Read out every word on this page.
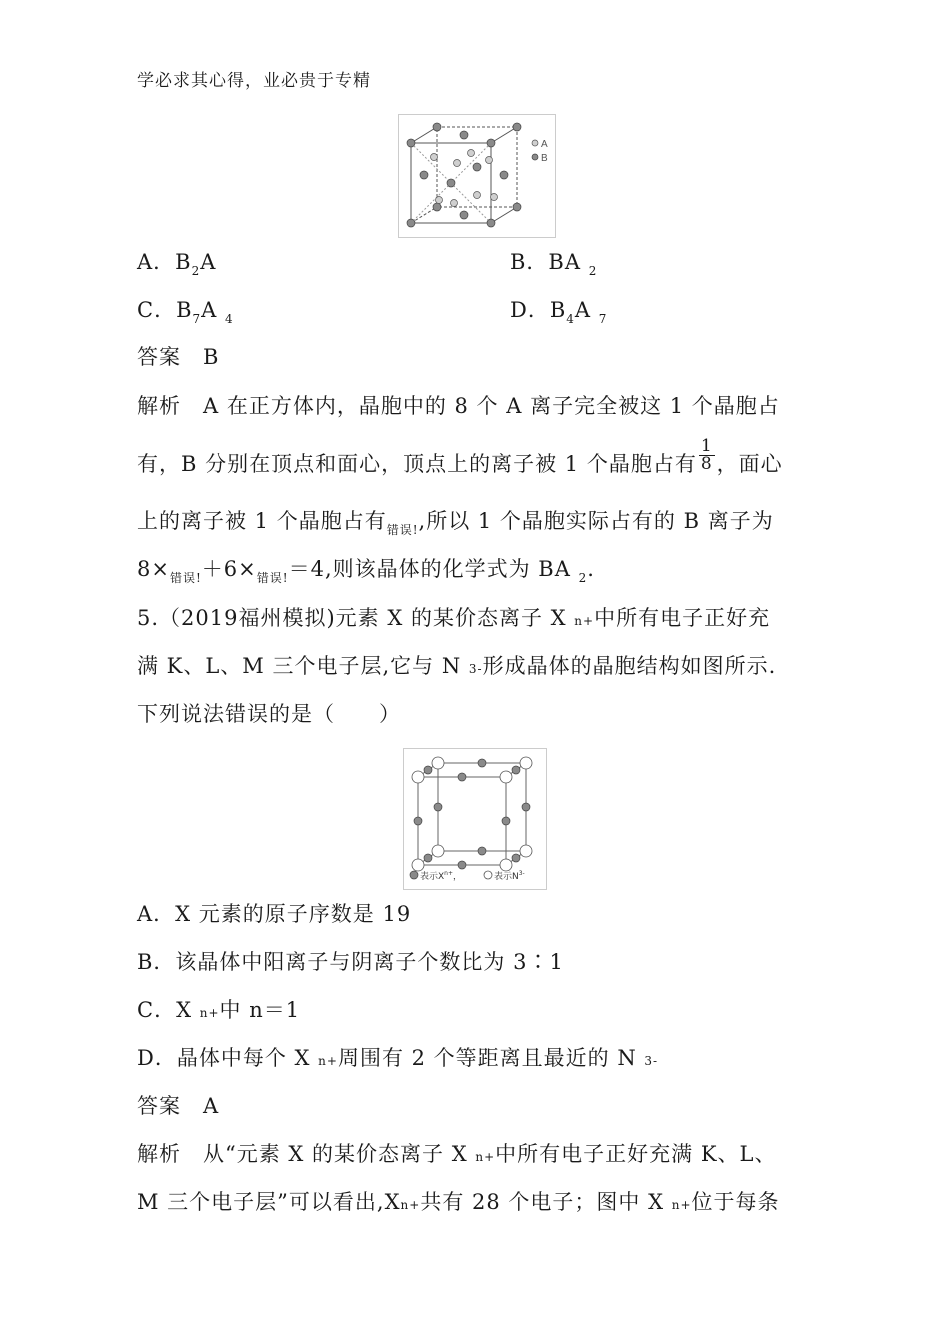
学必求其心得，业必贵于专精
A
B
A．$B_2A$	B．BA $_2$
C．$B_7A$ $_4$	D．$B_4A$ $_7$
答案　B
解析　A 在正方体内，晶胞中的 8 个 A 离子完全被这 1 个晶胞占
有，B 分别在顶点和面心，顶点上的离子被 1 个晶胞占有 $\frac{1}{8}$ ，面心
上的离子被 1 个晶胞占有$_{错误!}$,所以 1 个晶胞实际占有的 B 离子为
$8\times_{错误!}+6\times_{错误!}=4$,则该晶体的化学式为 BA $_2$.
5.（2019福州模拟)元素 X 的某价态离子 X n+中所有电子正好充
满 K、L、M 三个电子层,它与 N 3-形成晶体的晶胞结构如图所示.
下列说法错误的是（　　）
表示$X^{n+}$，	表示$N^{3-}$
A．X 元素的原子序数是 19
B．该晶体中阳离子与阴离子个数比为 3∶1
C．X n+中 n＝1
D．晶体中每个 X n+周围有 2 个等距离且最近的 N 3-
答案　A
解析　从“元素 X 的某价态离子 X n+中所有电子正好充满 K、L、
M 三个电子层”可以看出,Xn+共有 28 个电子；图中 X n+位于每条
